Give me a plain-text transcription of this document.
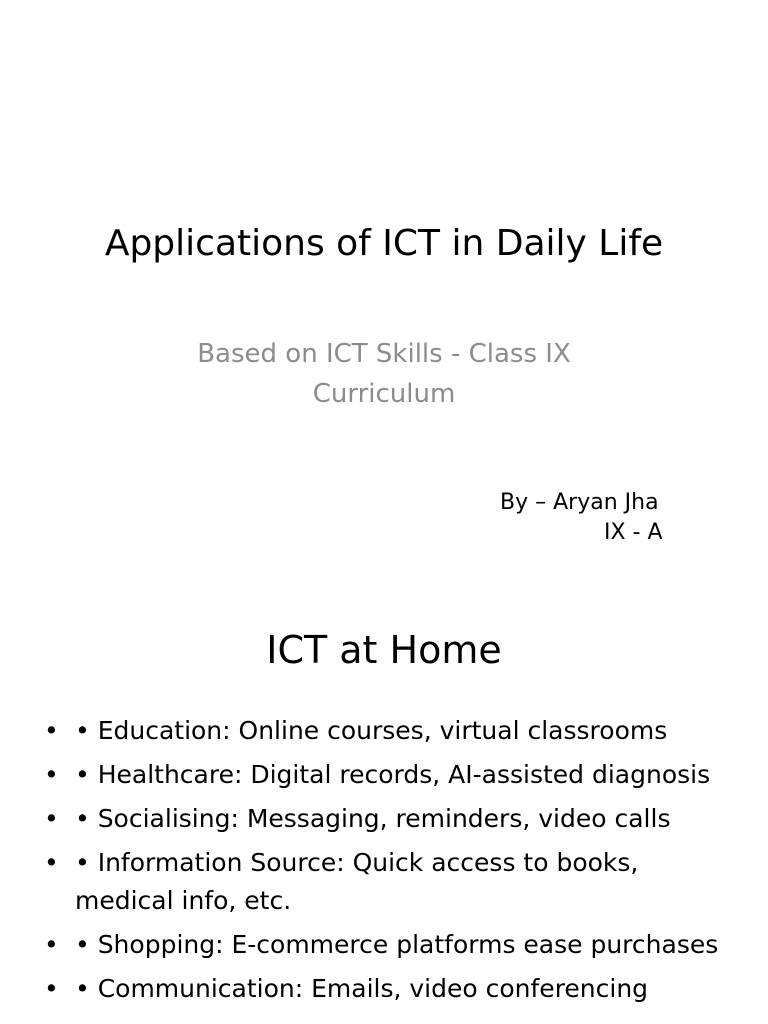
Applications of ICT in Daily Life
Based on ICT Skills - Class IX Curriculum
By – Aryan Jha
IX - A
ICT at Home
• • Education: Online courses, virtual classrooms
• • Healthcare: Digital records, AI-assisted diagnosis
• • Socialising: Messaging, reminders, video calls
• • Information Source: Quick access to books, medical info, etc.
• • Shopping: E-commerce platforms ease purchases
• • Communication: Emails, video conferencing
